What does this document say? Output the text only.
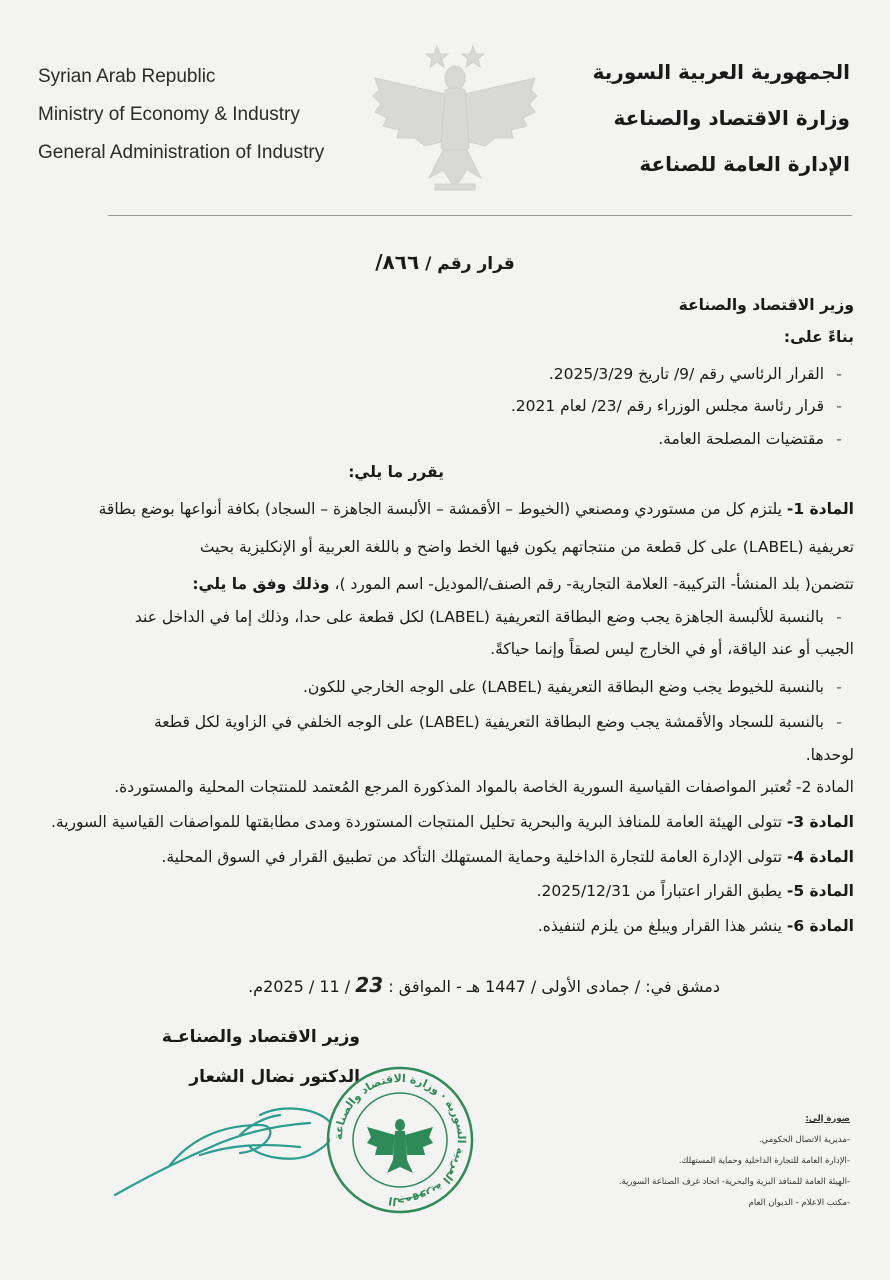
Syrian Arab Republic
Ministry of Economy & Industry
General Administration of Industry
الجمهورية العربية السورية
وزارة الاقتصاد والصناعة
الإدارة العامة للصناعة
قرار رقم /٨٦٦/
وزير الاقتصاد والصناعة
بناءً على:
-القرار الرئاسي رقم /9/ تاريخ 2025/3/29.
-قرار رئاسة مجلس الوزراء رقم /23/ لعام 2021.
-مقتضيات المصلحة العامة.
يقرر ما يلي:
المادة 1- يلتزم كل من مستوردي ومصنعي (الخيوط – الأقمشة – الألبسة الجاهزة – السجاد) بكافة أنواعها بوضع بطاقة
تعريفية (LABEL) على كل قطعة من منتجاتهم يكون فيها الخط واضح و باللغة العربية أو الإنكليزية بحيث
تتضمن( بلد المنشأ- التركيبة- العلامة التجارية- رقم الصنف/الموديل- اسم المورد )، وذلك وفق ما يلي:
-بالنسبة للألبسة الجاهزة يجب وضع البطاقة التعريفية (LABEL) لكل قطعة على حدا، وذلك إما في الداخل عند
الجيب أو عند الياقة، أو في الخارج ليس لصقاً وإنما حياكةً.
-بالنسبة للخيوط يجب وضع البطاقة التعريفية (LABEL) على الوجه الخارجي للكون.
-بالنسبة للسجاد والأقمشة يجب وضع البطاقة التعريفية (LABEL) على الوجه الخلفي في الزاوية لكل قطعة
لوحدها.
المادة 2- تُعتبر المواصفات القياسية السورية الخاصة بالمواد المذكورة المرجع المُعتمد للمنتجات المحلية والمستوردة.
المادة 3- تتولى الهيئة العامة للمنافذ البرية والبحرية تحليل المنتجات المستوردة ومدى مطابقتها للمواصفات القياسية السورية.
المادة 4- تتولى الإدارة العامة للتجارة الداخلية وحماية المستهلك التأكد من تطبيق القرار في السوق المحلية.
المادة 5- يطبق القرار اعتباراً من 2025/12/31.
المادة 6- ينشر هذا القرار ويبلغ من يلزم لتنفيذه.
دمشق في: / جمادى الأولى / 1447 هـ - الموافق : 23 / 11 / 2025م.
وزير الاقتصاد والصناعـة
الدكتور نضال الشعار
الجمهورية العربية السورية · وزارة الاقتصاد والصناعة
صورة إلى:
-مديرية الاتصال الحكومي.
-الإدارة العامة للتجارة الداخلية وحماية المستهلك.
-الهيئة العامة للمنافذ البرية والبحرية- اتحاد غرف الصناعة السورية.
-مكتب الاعلام - الديوان العام
